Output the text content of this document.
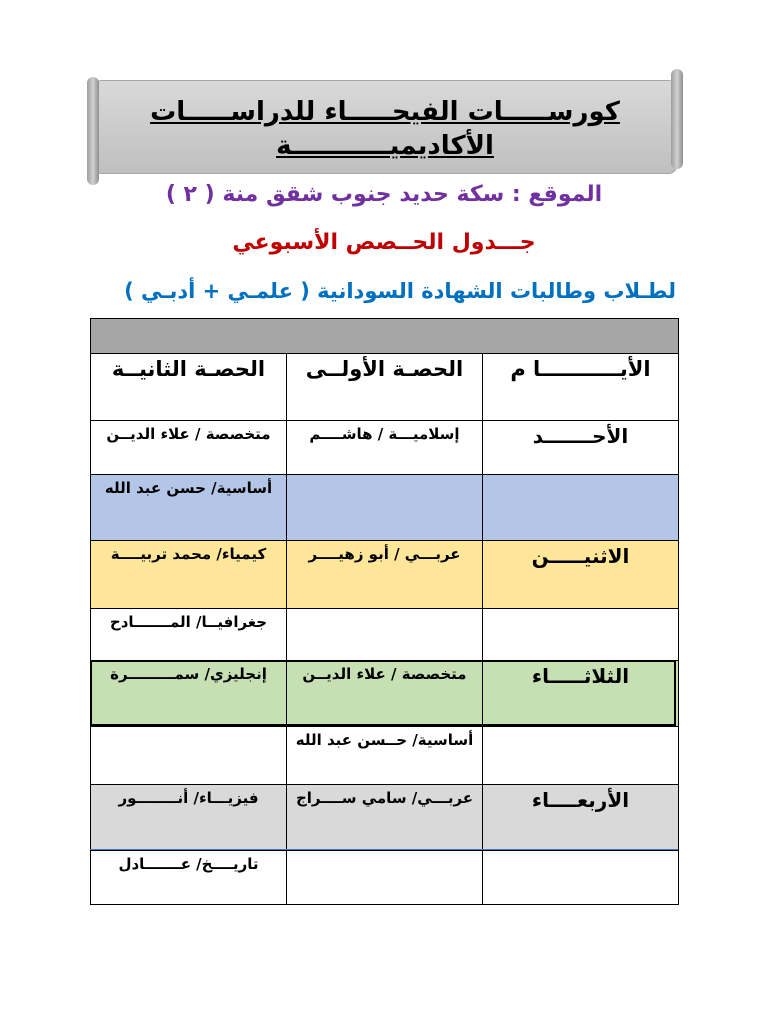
كورســـــات الفيحـــــاء للدراســـــات الأكاديميـــــــــــة
الموقع : سكة حديد جنوب شقق منة ( ٢ )
جـــدول الحــصص الأسبوعي
لطـلاب وطالبات الشهادة السودانية ( علمـي + أدبـي )

الأيـــــــــــا م	الحصـة الأولــى	الحصـة الثانيــة
الأحـــــــد	إسلاميـــة / هاشــــم	متخصصة / علاء الديــن
		أساسية/ حسن عبد الله
الاثنيـــــن	عربـــي / أبو زهيــــر	كيمياء/ محمد تربيــــة
		جغرافيــا/ المـــــــادح
الثلاثـــــاء	متخصصة / علاء الديــن	إنجليزي/ سمـــــــــرة
	أساسية/ حــسن عبد الله	
الأربعــــاء	عربـــي/ سامي ســــراج	فيزيـــاء/ أنــــــــور
		تاريــــخ/ عـــــــادل
